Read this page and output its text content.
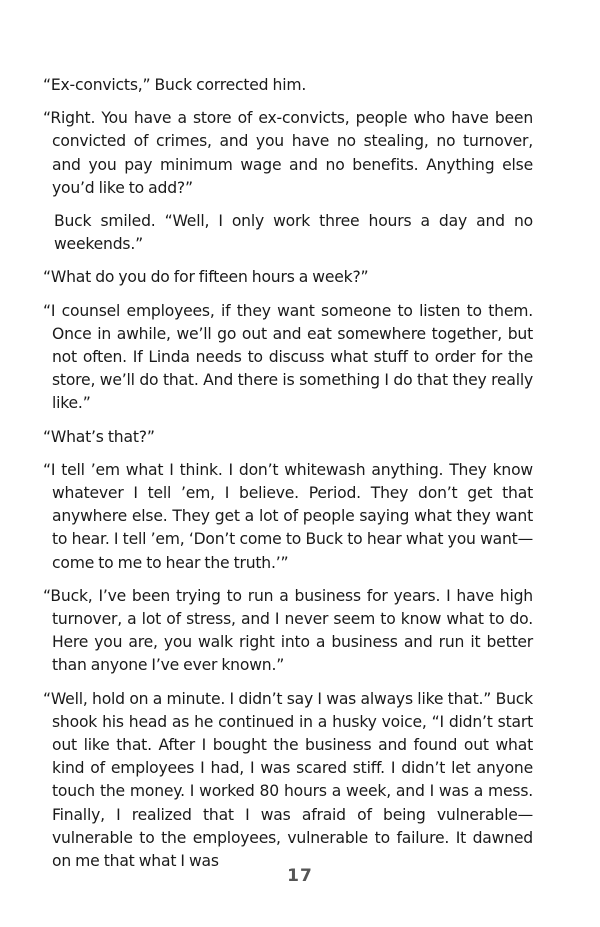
“Ex-convicts,” Buck corrected him.

“Right. You have a store of ex-convicts, people who have been convicted of crimes, and you have no stealing, no turnover, and you pay minimum wage and no benefits. Anything else you’d like to add?”

Buck smiled. “Well, I only work three hours a day and no weekends.”

“What do you do for fifteen hours a week?”

“I counsel employees, if they want someone to listen to them. Once in awhile, we’ll go out and eat somewhere together, but not often. If Linda needs to discuss what stuff to order for the store, we’ll do that. And there is something I do that they really like.”

“What’s that?”

“I tell ’em what I think. I don’t whitewash anything. They know whatever I tell ’em, I believe. Period. They don’t get that anywhere else. They get a lot of people saying what they want to hear. I tell ’em, ‘Don’t come to Buck to hear what you want—come to me to hear the truth.’”

“Buck, I’ve been trying to run a business for years. I have high turnover, a lot of stress, and I never seem to know what to do. Here you are, you walk right into a business and run it better than anyone I’ve ever known.”

“Well, hold on a minute. I didn’t say I was always like that.” Buck shook his head as he continued in a husky voice, “I didn’t start out like that. After I bought the business and found out what kind of employees I had, I was scared stiff. I didn’t let anyone touch the money. I worked 80 hours a week, and I was a mess. Finally, I realized that I was afraid of being vulnerable—vulnerable to the employees, vulnerable to failure. It dawned on me that what I was

17
